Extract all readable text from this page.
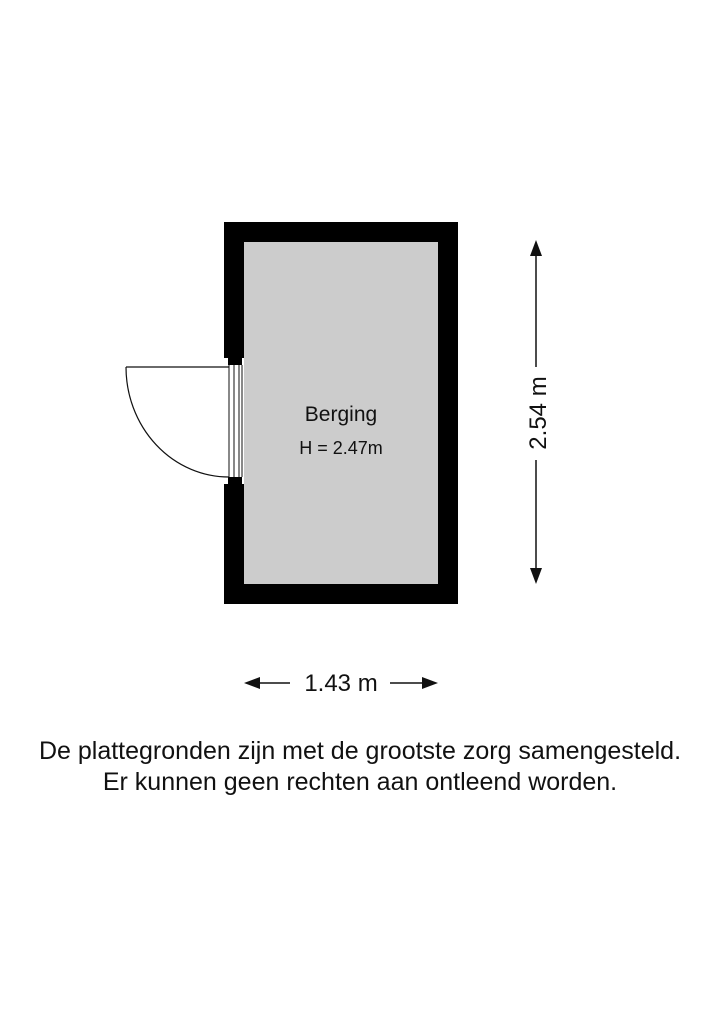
Berging
H = 2.47m	2.54 m
1.43 m
De plattegronden zijn met de grootste zorg samengesteld.
Er kunnen geen rechten aan ontleend worden.
